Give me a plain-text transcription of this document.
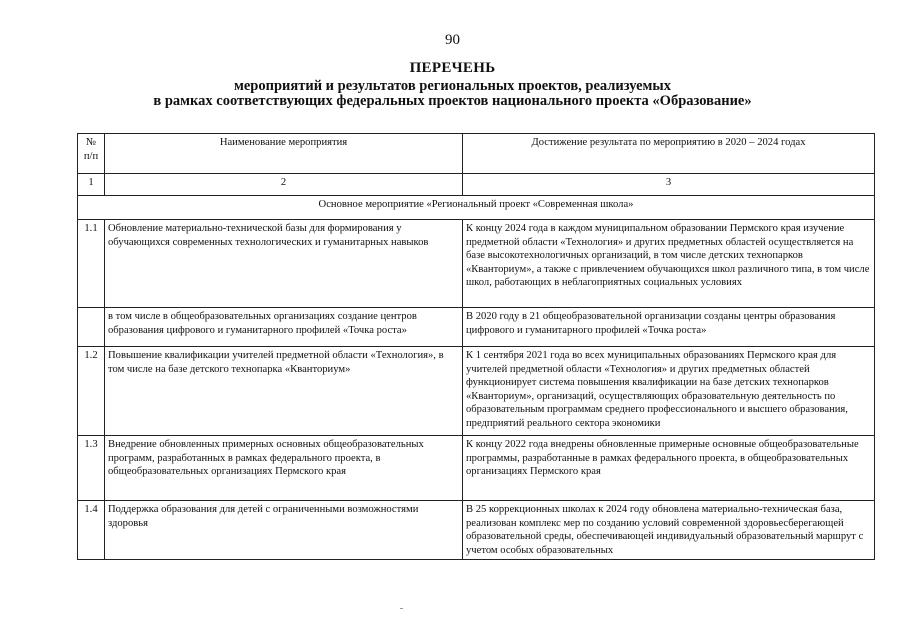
90
ПЕРЕЧЕНЬ
мероприятий и результатов региональных проектов, реализуемых
в рамках соответствующих федеральных проектов национального проекта «Образование»
№ п/п	Наименование мероприятия	Достижение результата по мероприятию в 2020 – 2024 годах
1	2	3
Основное мероприятие «Региональный проект «Современная школа»		
1.1	Обновление материально-технической базы для формирования у обучающихся современных технологических и гуманитарных навыков	К концу 2024 года в каждом муниципальном образовании Пермского края изучение предметной области «Технология» и других предметных областей осуществляется на базе высокотехнологичных организаций, в том числе детских технопарков «Кванториум», а также с привлечением обучающихся школ различного типа, в том числе школ, работающих в неблагоприятных социальных условиях
	в том числе в общеобразовательных организациях создание центров образования цифрового и гуманитарного профилей «Точка роста»	В 2020 году в 21 общеобразовательной организации созданы центры образования цифрового и гуманитарного профилей «Точка роста»
1.2	Повышение квалификации учителей предметной области «Технология», в том числе на базе детского технопарка «Кванториум»	К 1 сентября 2021 года во всех муниципальных образованиях Пермского края для учителей предметной области «Технология» и других предметных областей функционирует система повышения квалификации на базе детских технопарков «Кванториум», организаций, осуществляющих образовательную деятельность по образовательным программам среднего профессионального и высшего образования, предприятий реального сектора экономики
1.3	Внедрение обновленных примерных основных общеобразовательных программ, разработанных в рамках федерального проекта, в общеобразовательных организациях Пермского края	К концу 2022 года внедрены обновленные примерные основные общеобразовательные программы, разработанные в рамках федерального проекта, в общеобразовательных организациях Пермского края
1.4	Поддержка образования для детей с ограниченными возможностями здоровья	В 25 коррекционных школах к 2024 году обновлена материально-техническая база, реализован комплекс мер по созданию условий современной здоровьесберегающей образовательной среды, обеспечивающей индивидуальный образовательный маршрут с учетом особых образовательных
